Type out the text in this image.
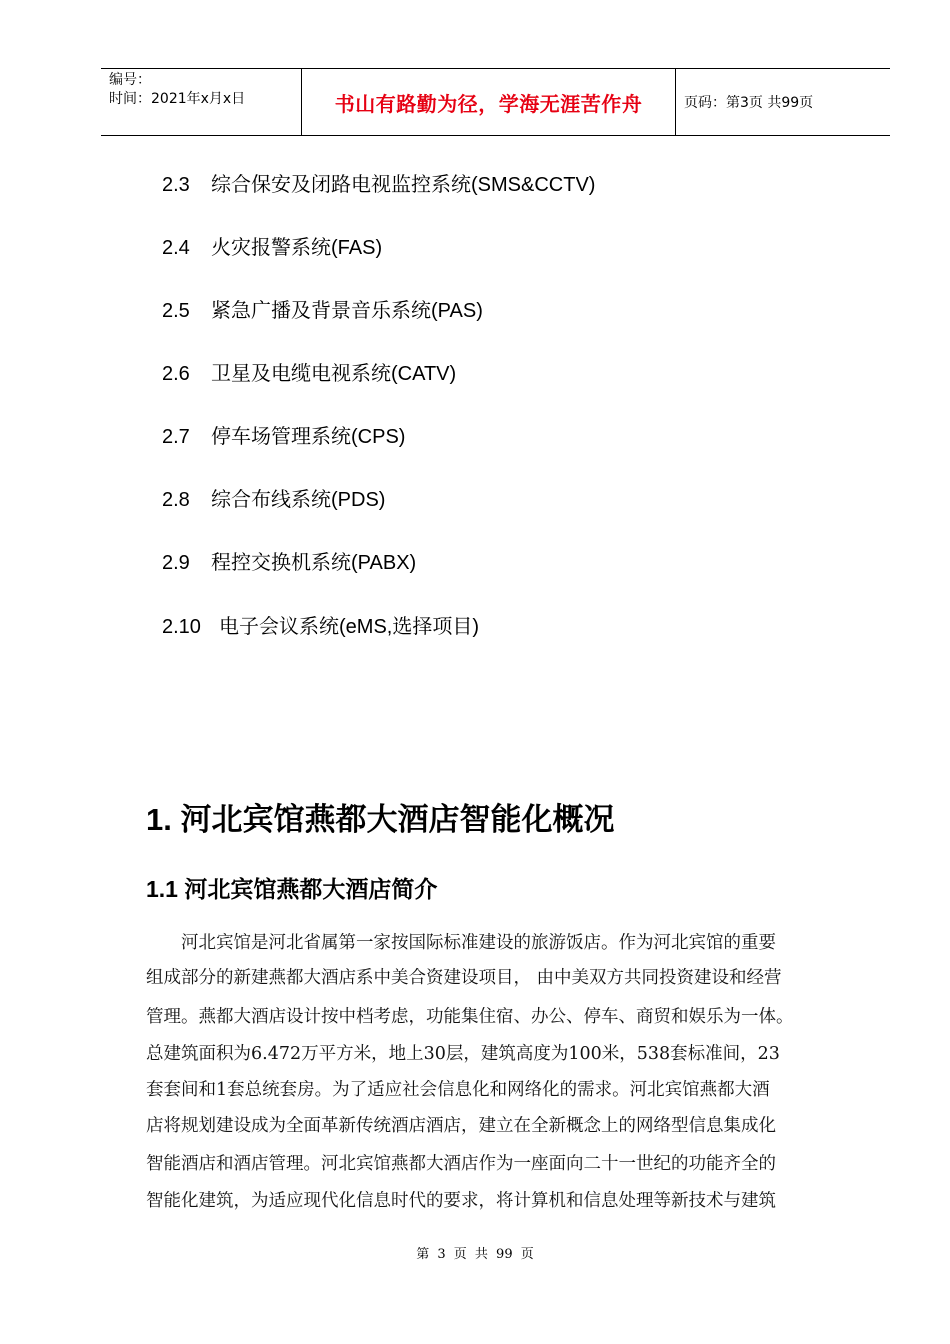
编号：
时间：2021年x月x日	书山有路勤为径，学海无涯苦作舟	页码：第3页 共99页
2.3 综合保安及闭路电视监控系统(SMS&CCTV)
2.4 火灾报警系统(FAS)
2.5 紧急广播及背景音乐系统(PAS)
2.6 卫星及电缆电视系统(CATV)
2.7 停车场管理系统(CPS)
2.8 综合布线系统(PDS)
2.9 程控交换机系统(PABX)
2.10 电子会议系统(eMS,选择项目)
1. 河北宾馆燕都大酒店智能化概况
1.1 河北宾馆燕都大酒店简介
　　河北宾馆是河北省属第一家按国际标准建设的旅游饭店。作为河北宾馆的重要
组成部分的新建燕都大酒店系中美合资建设项目， 由中美双方共同投资建设和经营
管理。燕都大酒店设计按中档考虑，功能集住宿、办公、停车、商贸和娱乐为一体。
总建筑面积为6.472万平方米，地上30层，建筑高度为100米，538套标准间，23
套套间和1套总统套房。为了适应社会信息化和网络化的需求。河北宾馆燕都大酒
店将规划建设成为全面革新传统酒店酒店，建立在全新概念上的网络型信息集成化
智能酒店和酒店管理。河北宾馆燕都大酒店作为一座面向二十一世纪的功能齐全的
智能化建筑，为适应现代化信息时代的要求，将计算机和信息处理等新技术与建筑
第 3 页 共 99 页
